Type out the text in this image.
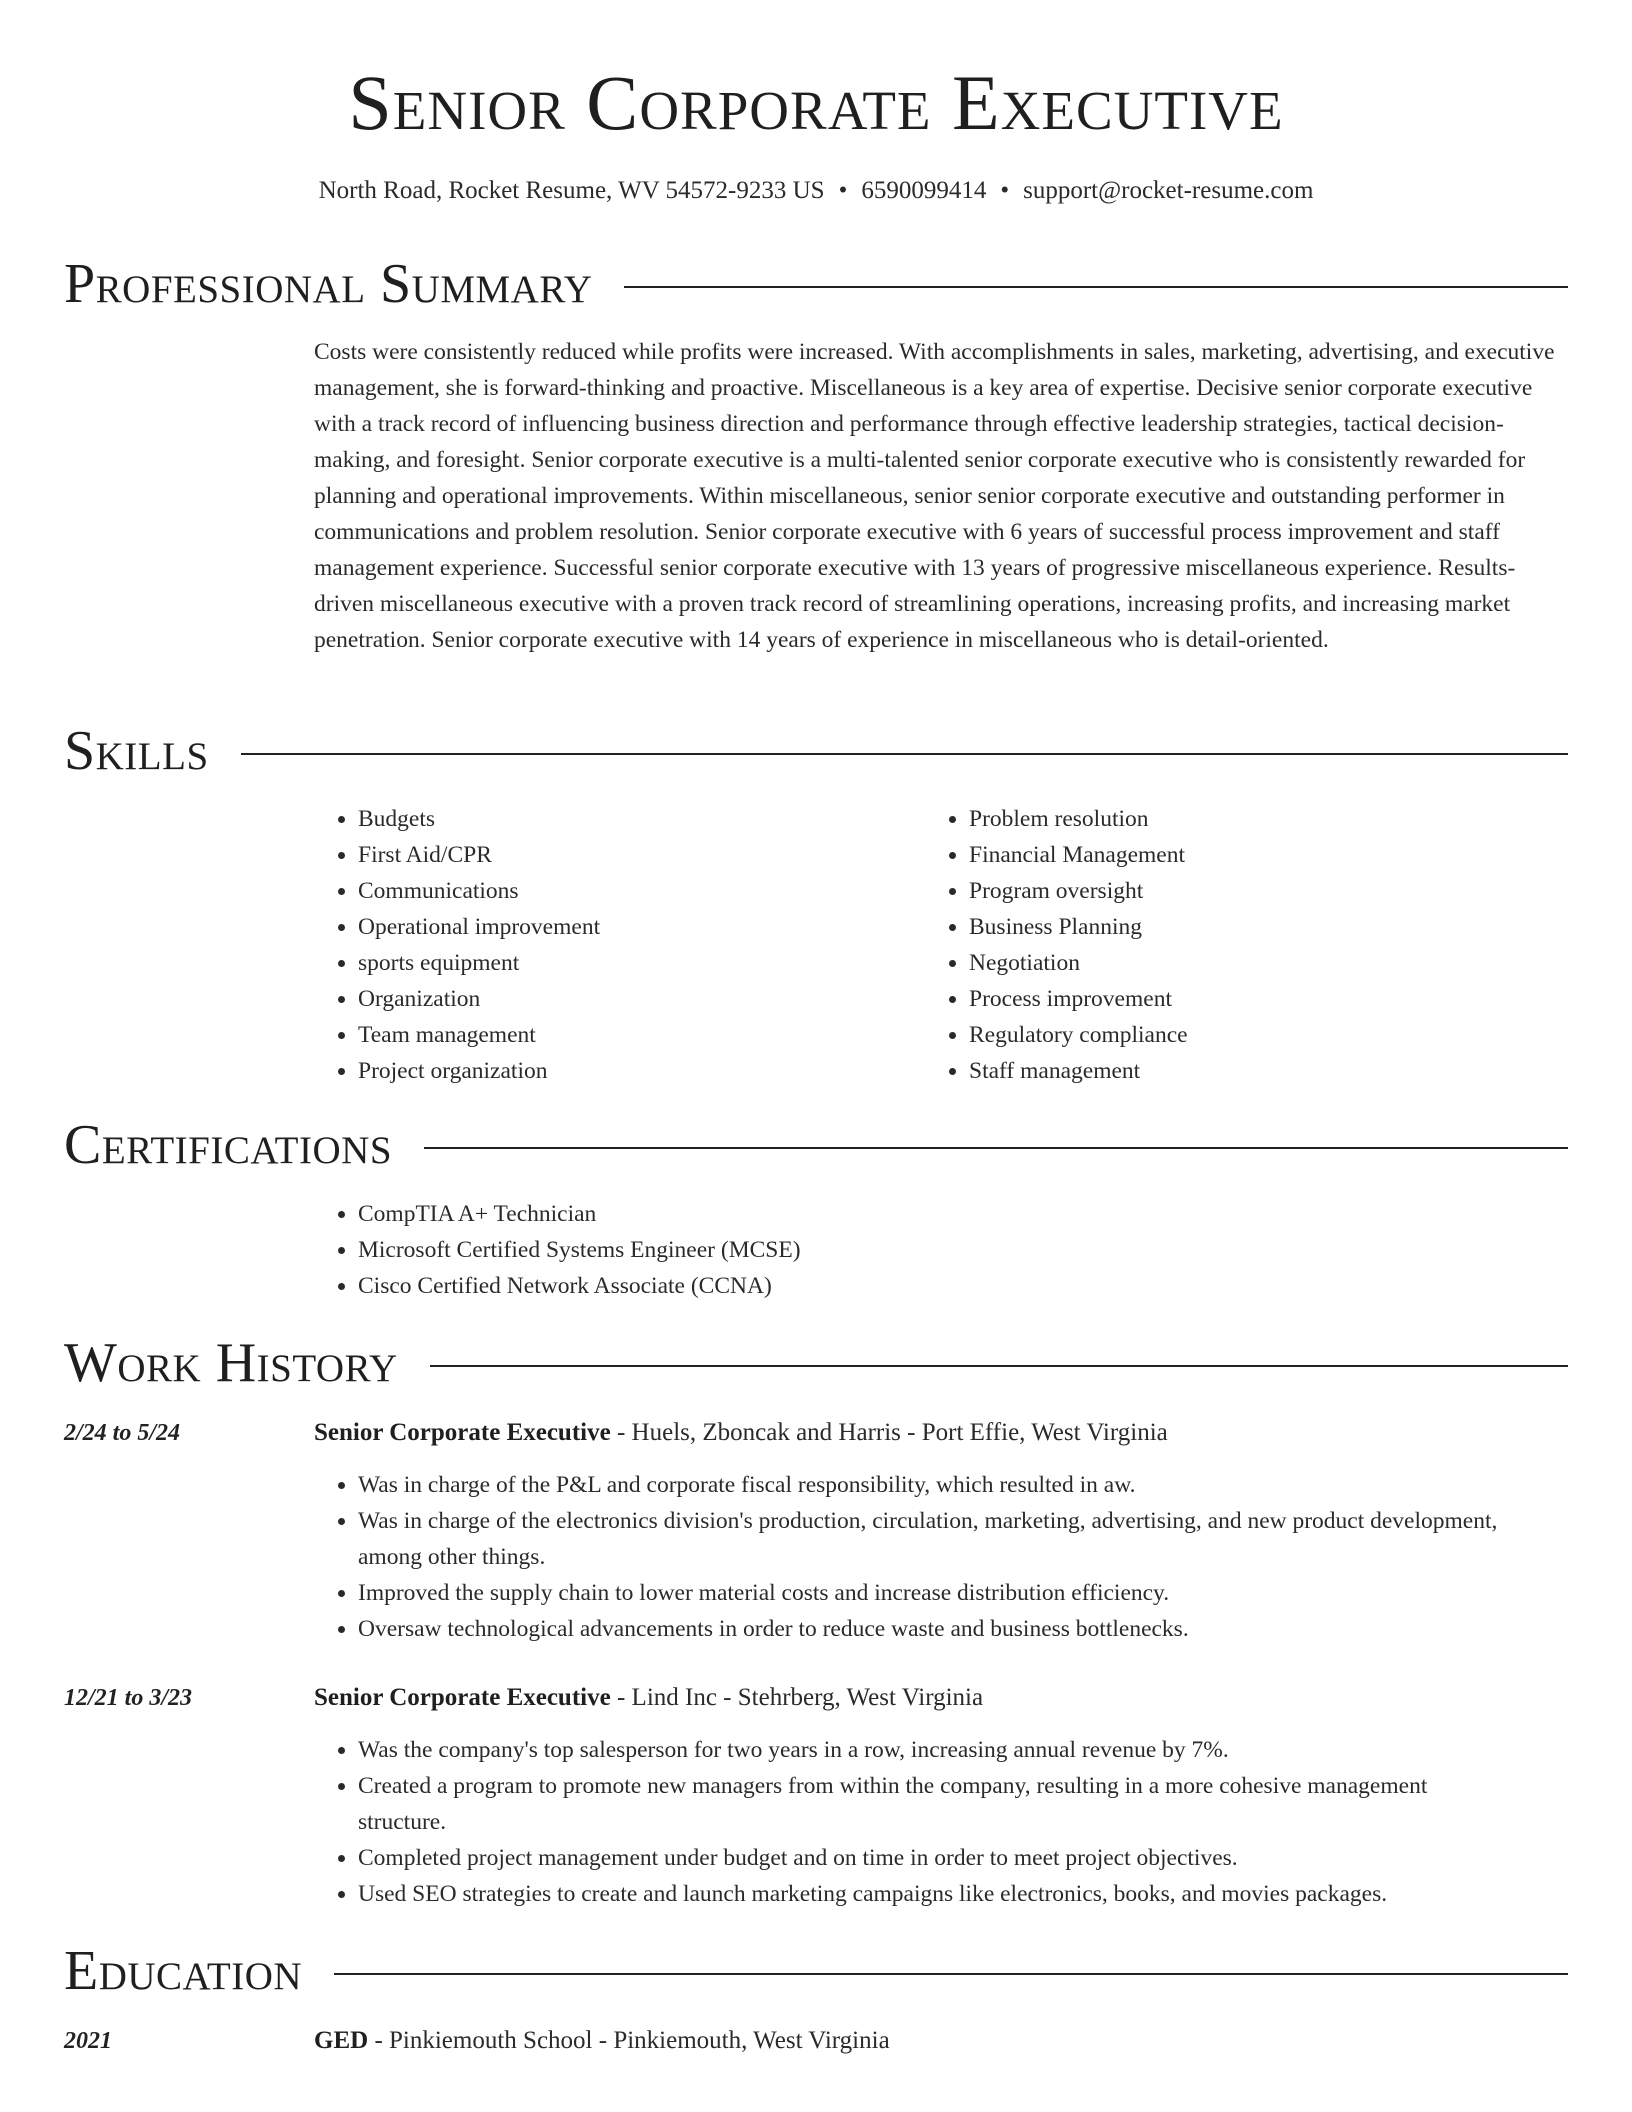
Senior Corporate Executive
North Road, Rocket Resume, WV 54572-9233 US • 6590099414 • support@rocket-resume.com
Professional Summary
Costs were consistently reduced while profits were increased. With accomplishments in sales, marketing, advertising, and executive management, she is forward-thinking and proactive. Miscellaneous is a key area of expertise. Decisive senior corporate executive with a track record of influencing business direction and performance through effective leadership strategies, tactical decision-making, and foresight. Senior corporate executive is a multi-talented senior corporate executive who is consistently rewarded for planning and operational improvements. Within miscellaneous, senior senior corporate executive and outstanding performer in communications and problem resolution. Senior corporate executive with 6 years of successful process improvement and staff management experience. Successful senior corporate executive with 13 years of progressive miscellaneous experience. Results-driven miscellaneous executive with a proven track record of streamlining operations, increasing profits, and increasing market penetration. Senior corporate executive with 14 years of experience in miscellaneous who is detail-oriented.
Skills
• Budgets
• First Aid/CPR
• Communications
• Operational improvement
• sports equipment
• Organization
• Team management
• Project organization
• Problem resolution
• Financial Management
• Program oversight
• Business Planning
• Negotiation
• Process improvement
• Regulatory compliance
• Staff management
Certifications
• CompTIA A+ Technician
• Microsoft Certified Systems Engineer (MCSE)
• Cisco Certified Network Associate (CCNA)
Work History
2/24 to 5/24	Senior Corporate Executive - Huels, Zboncak and Harris - Port Effie, West Virginia
• Was in charge of the P&L and corporate fiscal responsibility, which resulted in aw.
• Was in charge of the electronics division's production, circulation, marketing, advertising, and new product development, among other things.
• Improved the supply chain to lower material costs and increase distribution efficiency.
• Oversaw technological advancements in order to reduce waste and business bottlenecks.
12/21 to 3/23	Senior Corporate Executive - Lind Inc - Stehrberg, West Virginia
• Was the company's top salesperson for two years in a row, increasing annual revenue by 7%.
• Created a program to promote new managers from within the company, resulting in a more cohesive management structure.
• Completed project management under budget and on time in order to meet project objectives.
• Used SEO strategies to create and launch marketing campaigns like electronics, books, and movies packages.
Education
2021	GED - Pinkiemouth School - Pinkiemouth, West Virginia
